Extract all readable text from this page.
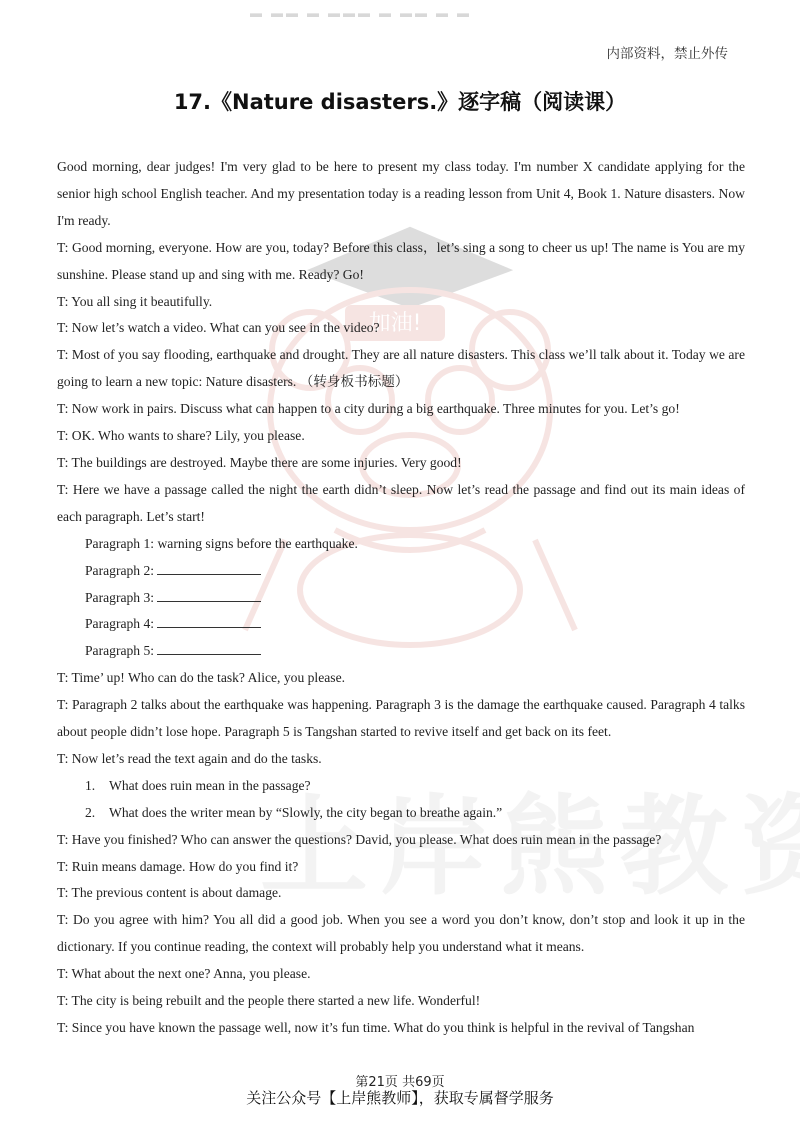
▬ ▬▬ ▬ ▬▬▬ ▬ ▬▬ ▬ ▬
内部资料，禁止外传
17.《Nature disasters.》逐字稿（阅读课）
加油!

Good morning, dear judges! I'm very glad to be here to present my class today. I'm number X candidate applying for the senior high school English teacher. And my presentation today is a reading lesson from Unit 4, Book 1. Nature disasters. Now I'm ready.

T: Good morning, everyone. How are you, today? Before this class，let’s sing a song to cheer us up! The name is You are my sunshine. Please stand up and sing with me. Ready? Go!

T: You all sing it beautifully.

T: Now let’s watch a video. What can you see in the video?

T: Most of you say flooding, earthquake and drought. They are all nature disasters. This class we’ll talk about it. Today we are going to learn a new topic: Nature disasters. （转身板书标题）

T: Now work in pairs. Discuss what can happen to a city during a big earthquake. Three minutes for you. Let’s go!

T: OK. Who wants to share? Lily, you please.

T: The buildings are destroyed. Maybe there are some injuries. Very good!

T: Here we have a passage called the night the earth didn’t sleep. Now let’s read the passage and find out its main ideas of each paragraph. Let’s start!

Paragraph 1: warning signs before the earthquake.

Paragraph 2:

Paragraph 3:

Paragraph 4:

Paragraph 5:

T: Time’ up! Who can do the task? Alice, you please.

T: Paragraph 2 talks about the earthquake was happening. Paragraph 3 is the damage the earthquake caused. Paragraph 4 talks about people didn’t lose hope. Paragraph 5 is Tangshan started to revive itself and get back on its feet.

T: Now let’s read the text again and do the tasks.

1. What does ruin mean in the passage?

2. What does the writer mean by “Slowly, the city began to breathe again.”

T: Have you finished? Who can answer the questions? David, you please. What does ruin mean in the passage?

T: Ruin means damage. How do you find it?

T: The previous content is about damage.

T: Do you agree with him? You all did a good job. When you see a word you don’t know, don’t stop and look it up in the dictionary. If you continue reading, the context will probably help you understand what it means.

T: What about the next one? Anna, you please.

T: The city is being rebuilt and the people there started a new life. Wonderful!

T: Since you have known the passage well, now it’s fun time. What do you think is helpful in the revival of Tangshan

第21页 共69页
关注公众号【上岸熊教师】，获取专属督学服务
